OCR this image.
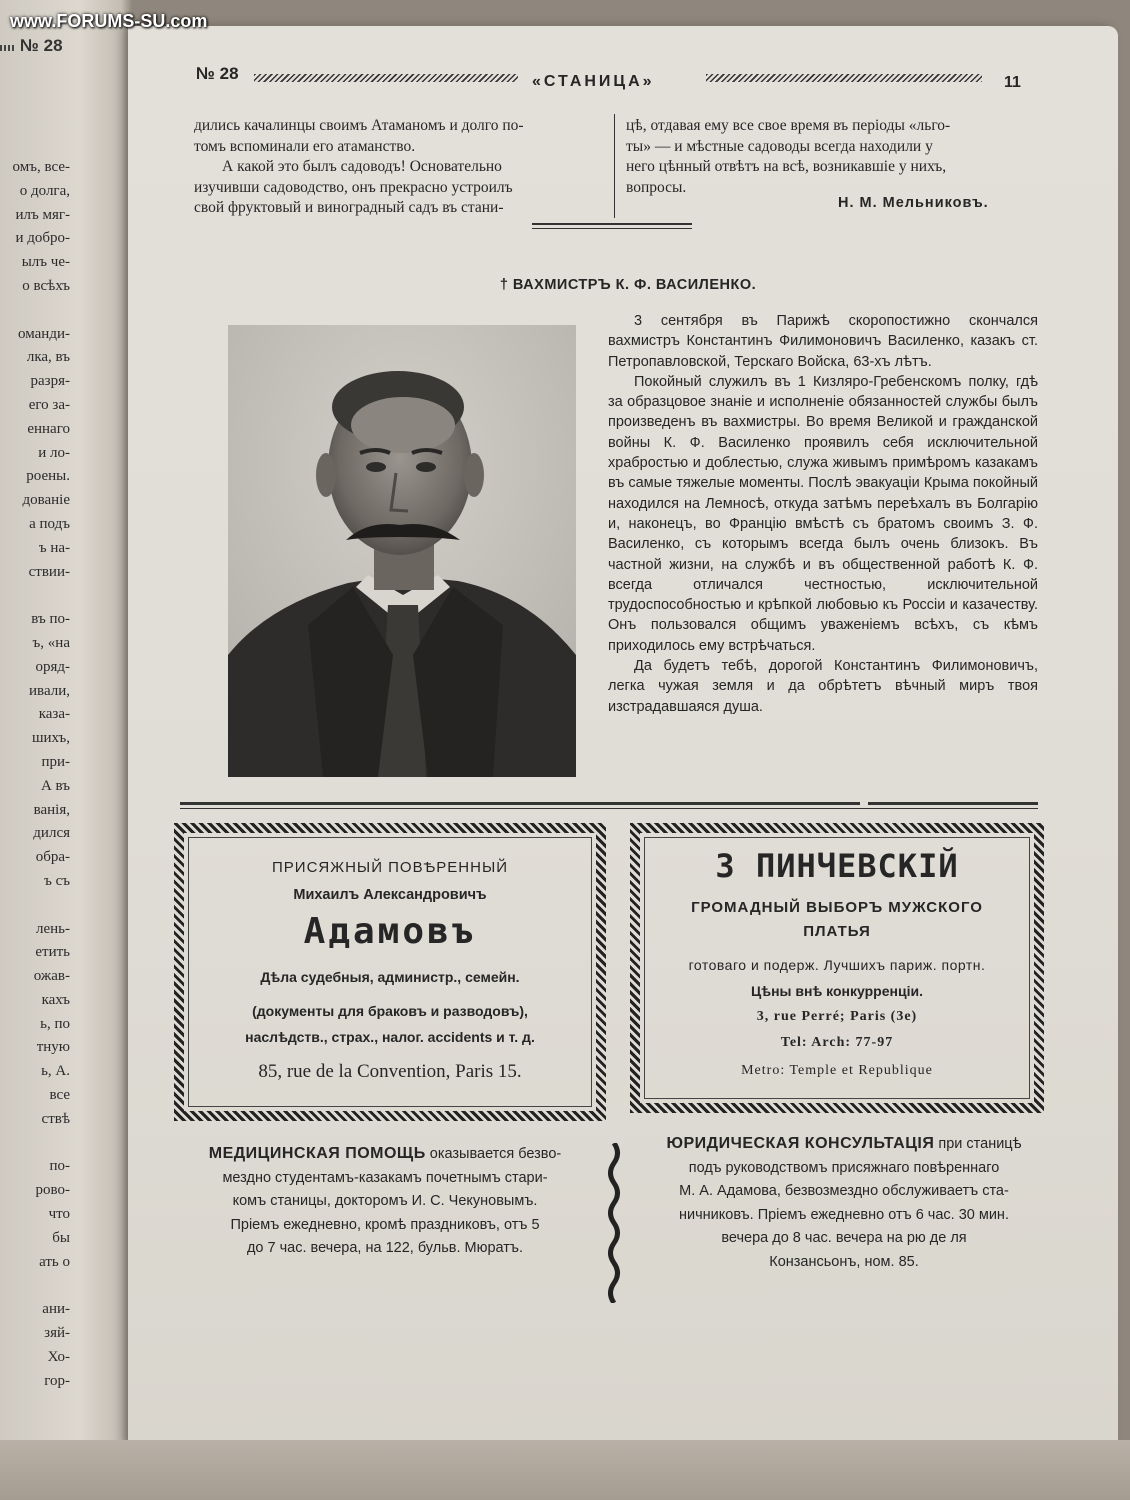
www.FORUMS-SU.com
№ 28
омъ, все-
о долга,
илъ мяг-
и добро-
ылъ че-
о всѣхъ

оманди-
лка, въ
разря-
его за-
еннаго
и ло-
роены.
дованіе
а подъ
ъ на-
ствии-

въ по-
ъ, «на
оряд-
ивали,
каза-
шихъ,
при-
А въ
ванія,
дился
обра-
ъ съ

лень-
етить
ожав-
кахъ
ь, по
тную
ь, А.
все
ствѣ

по-
рово-
что
бы
ать о

ани-
зяй-
Хо-
гор-
№ 28	«СТАНИЦА»	11

дились качалинцы своимъ Атаманомъ и долго по-

томъ вспоминали его атаманство.

А какой это былъ садоводъ! Основательно

изучивши садоводство, онъ прекрасно устроилъ

свой фруктовый и виноградный садъ въ стани-

цѣ, отдавая ему все свое время въ періоды «льго-

ты» — и мѣстные садоводы всегда находили у

него цѣнный отвѣтъ на всѣ, возникавшіе у нихъ,

вопросы.

Н. М. Мельниковъ.
† ВАХМИСТРЪ К. Ф. ВАСИЛЕНКО.

3 сентября въ Парижѣ скоропостижно скончался вахмистръ Константинъ Филимоновичъ Василенко, казакъ ст. Петропавловской, Терскаго Войска, 63-хъ лѣтъ.

Покойный служилъ въ 1 Кизляро-Гребенскомъ полку, гдѣ за образцовое знаніе и исполненіе обязанностей службы былъ произведенъ въ вахмистры. Во время Великой и гражданской войны К. Ф. Василенко проявилъ себя исключительной храбростью и доблестью, служа живымъ примѣромъ казакамъ въ самые тяжелые моменты. Послѣ эвакуаціи Крыма покойный находился на Лемносѣ, откуда затѣмъ переѣхалъ въ Болгарію и, наконецъ, во Францію вмѣстѣ съ братомъ своимъ З. Ф. Василенко, съ которымъ всегда былъ очень близокъ. Въ частной жизни, на службѣ и въ общественной работѣ К. Ф. всегда отличался честностью, исключительной трудоспособностью и крѣпкой любовью къ Россіи и казачеству. Онъ пользовался общимъ уваженіемъ всѣхъ, съ кѣмъ приходилось ему встрѣчаться.

Да будетъ тебѣ, дорогой Константинъ Филимоновичъ, легка чужая земля и да обрѣтетъ вѣчный миръ твоя изстрадавшаяся душа.

ПРИСЯЖНЫЙ ПОВѢРЕННЫЙ
Михаилъ Александровичъ
Адамовъ
Дѣла судебныя, администр., семейн.
(документы для браковъ и разводовъ),
наслѣдств., страх., налог. accidents и т. д.
85, rue de la Convention, Paris 15.
З ПИНЧЕВСКІЙ
ГРОМАДНЫЙ ВЫБОРЪ МУЖСКОГО
ПЛАТЬЯ
готоваго и подерж. Лучшихъ париж. портн.
Цѣны внѣ конкурренціи.
3, rue Perré; Paris (3e)
Tel: Arch: 77-97
Metro: Temple et Republique
МЕДИЦИНСКАЯ ПОМОЩЬ оказывается безво-
мездно студентамъ-казакамъ почетнымъ стари-
комъ станицы, докторомъ И. С. Чекуновымъ.
Пріемъ ежедневно, кромѣ праздниковъ, отъ 5
до 7 час. вечера, на 122, бульв. Мюратъ.
ЮРИДИЧЕСКАЯ КОНСУЛЬТАЦІЯ при станицѣ
подъ руководствомъ присяжнаго повѣреннаго
М. А. Адамова, безвозмездно обслуживаетъ ста-
ничниковъ. Пріемъ ежедневно отъ 6 час. 30 мин.
вечера до 8 час. вечера на рю де ля
Конзансьонъ, ном. 85.
